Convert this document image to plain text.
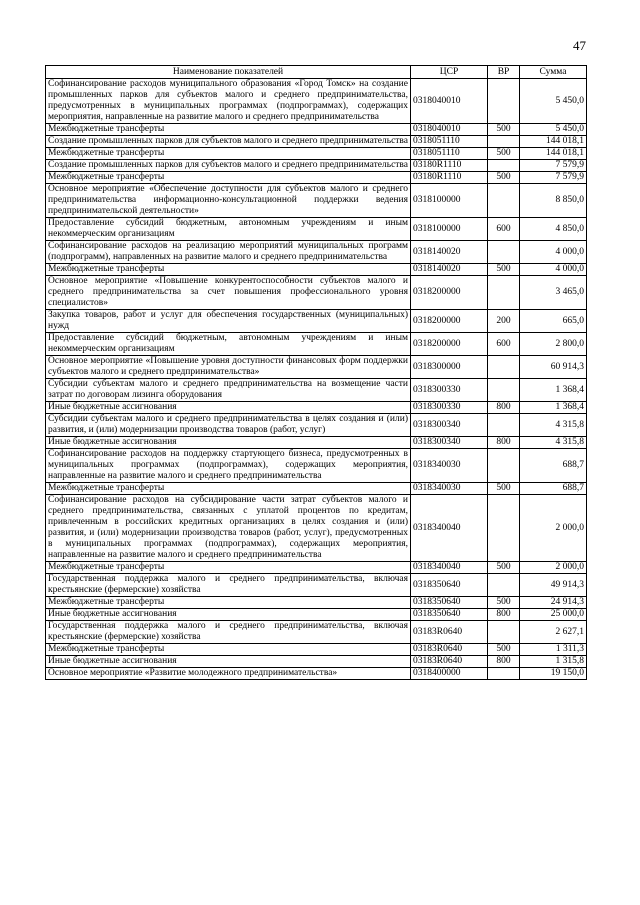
47
Наименование показателей	ЦСР	ВР	Сумма
Софинансирование расходов муниципального образования «Город Томск» на создание промышленных парков для субъектов малого и среднего предпринимательства, предусмотренных в муниципальных программах (подпрограммах), содержащих мероприятия, направленные на развитие малого и среднего предпринимательства	0318040010		5 450,0
Межбюджетные трансферты	0318040010	500	5 450,0
Создание промышленных парков для субъектов малого и среднего предпринимательства	0318051110		144 018,1
Межбюджетные трансферты	0318051110	500	144 018,1
Создание промышленных парков для субъектов малого и среднего предпринимательства	03180R1110		7 579,9
Межбюджетные трансферты	03180R1110	500	7 579,9
Основное мероприятие «Обеспечение доступности для субъектов малого и среднего предпринимательства информационно-консультационной поддержки ведения предпринимательской деятельности»	0318100000		8 850,0
Предоставление субсидий бюджетным, автономным учреждениям и иным некоммерческим организациям	0318100000	600	4 850,0
Софинансирование расходов на реализацию мероприятий муниципальных программ (подпрограмм), направленных на развитие малого и среднего предпринимательства	0318140020		4 000,0
Межбюджетные трансферты	0318140020	500	4 000,0
Основное мероприятие «Повышение конкурентоспособности субъектов малого и среднего предпринимательства за счет повышения профессионального уровня специалистов»	0318200000		3 465,0
Закупка товаров, работ и услуг для обеспечения государственных (муниципальных) нужд	0318200000	200	665,0
Предоставление субсидий бюджетным, автономным учреждениям и иным некоммерческим организациям	0318200000	600	2 800,0
Основное мероприятие «Повышение уровня доступности финансовых форм поддержки субъектов малого и среднего предпринимательства»	0318300000		60 914,3
Субсидии субъектам малого и среднего предпринимательства на возмещение части затрат по договорам лизинга оборудования	0318300330		1 368,4
Иные бюджетные ассигнования	0318300330	800	1 368,4
Субсидии субъектам малого и среднего предпринимательства в целях создания и (или) развития, и (или) модернизации производства товаров (работ, услуг)	0318300340		4 315,8
Иные бюджетные ассигнования	0318300340	800	4 315,8
Софинансирование расходов на поддержку стартующего бизнеса, предусмотренных в муниципальных программах (подпрограммах), содержащих мероприятия, направленные на развитие малого и среднего предпринимательства	0318340030		688,7
Межбюджетные трансферты	0318340030	500	688,7
Софинансирование расходов на субсидирование части затрат субъектов малого и среднего предпринимательства, связанных с уплатой процентов по кредитам, привлеченным в российских кредитных организациях в целях создания и (или) развития, и (или) модернизации производства товаров (работ, услуг), предусмотренных в муниципальных программах (подпрограммах), содержащих мероприятия, направленные на развитие малого и среднего предпринимательства	0318340040		2 000,0
Межбюджетные трансферты	0318340040	500	2 000,0
Государственная поддержка малого и среднего предпринимательства, включая крестьянские (фермерские) хозяйства	0318350640		49 914,3
Межбюджетные трансферты	0318350640	500	24 914,3
Иные бюджетные ассигнования	0318350640	800	25 000,0
Государственная поддержка малого и среднего предпринимательства, включая крестьянские (фермерские) хозяйства	03183R0640		2 627,1
Межбюджетные трансферты	03183R0640	500	1 311,3
Иные бюджетные ассигнования	03183R0640	800	1 315,8
Основное мероприятие «Развитие молодежного предпринимательства»	0318400000		19 150,0
